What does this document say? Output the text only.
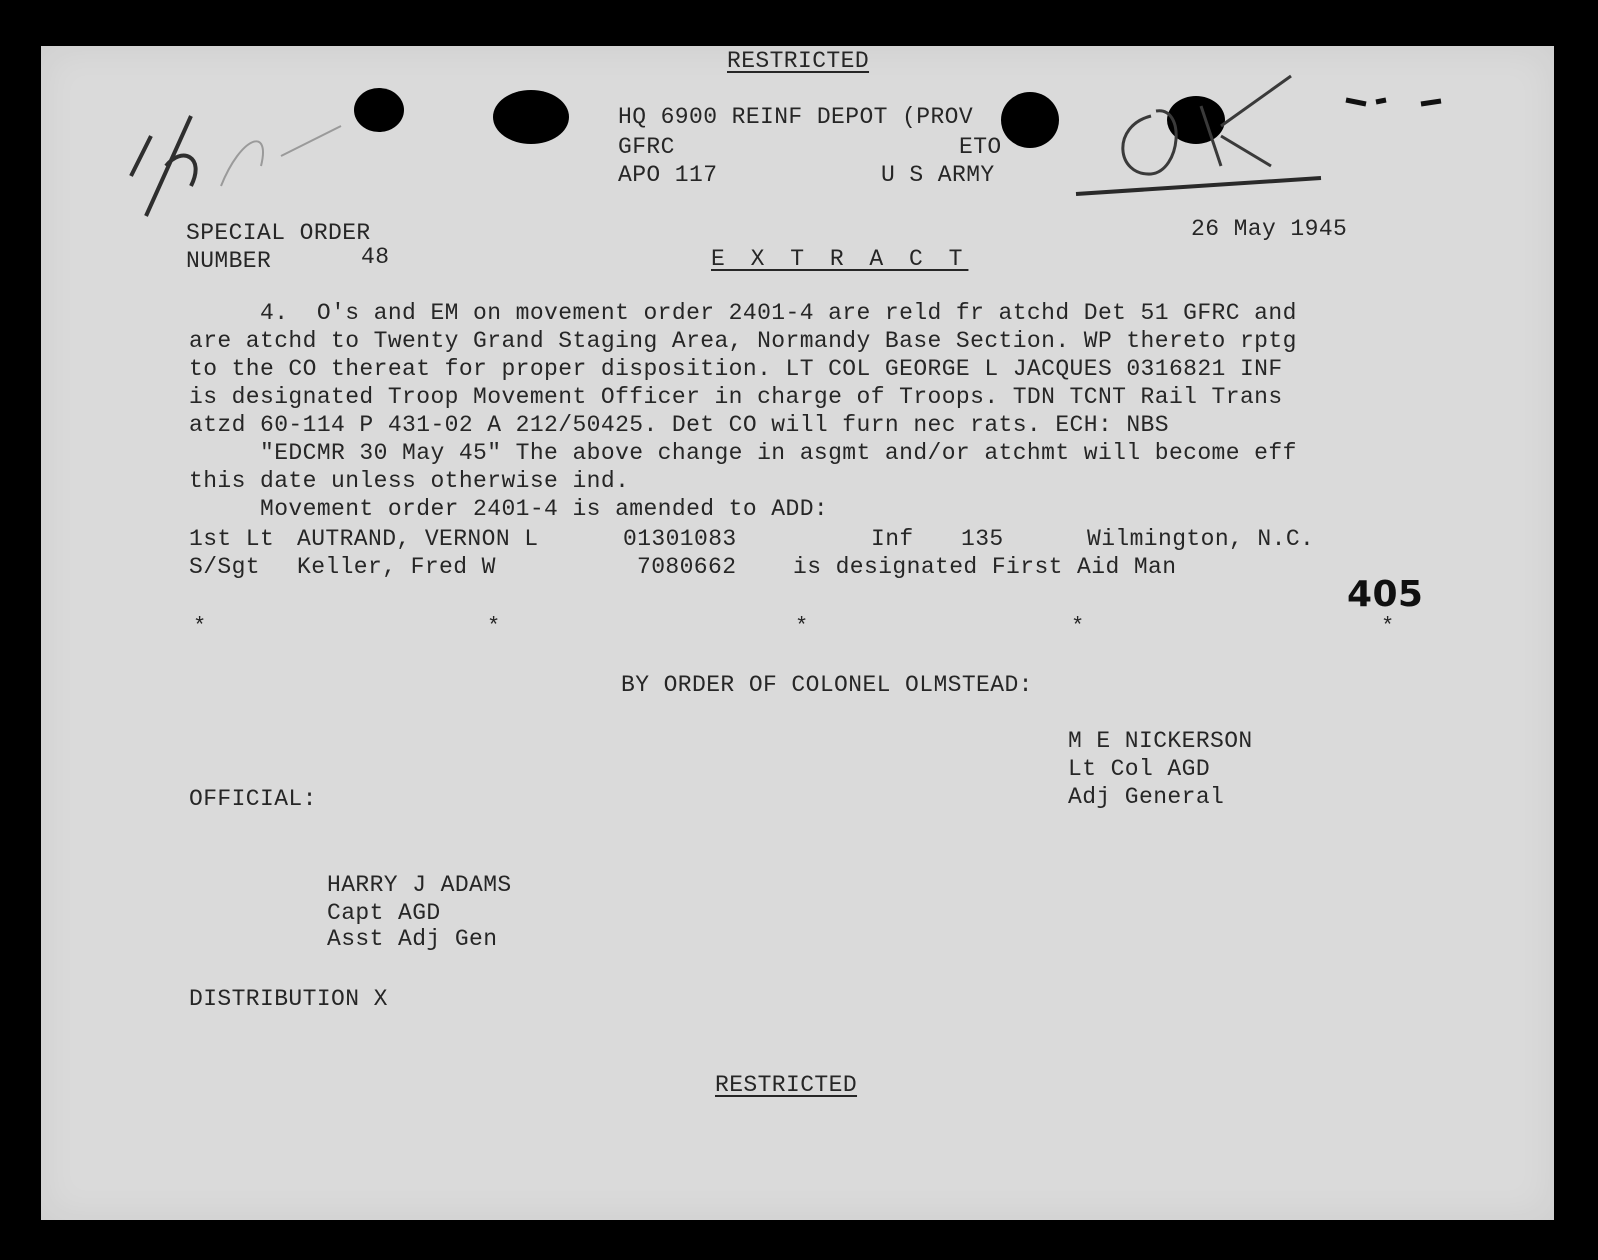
RESTRICTED
HQ 6900 REINF DEPOT (PROV
GFRC	ETO
APO 117	U S ARMY
SPECIAL ORDER
NUMBER	48
26 May 1945
E X T R A C T
4.  O's and EM on movement order 2401-4 are reld fr atchd Det 51 GFRC and
are atchd to Twenty Grand Staging Area, Normandy Base Section. WP thereto rptg
to the CO thereat for proper disposition. LT COL GEORGE L JACQUES 0316821 INF
is designated Troop Movement Officer in charge of Troops. TDN TCNT Rail Trans
atzd 60-114 P 431-02 A 212/50425. Det CO will furn nec rats. ECH: NBS
"EDCMR 30 May 45" The above change in asgmt and/or atchmt will become eff
this date unless otherwise ind.
Movement order 2401-4 is amended to ADD:
1st Lt AUTRAND, VERNON L	01301083	Inf 135	Wilmington, N.C.
S/Sgt Keller, Fred W	7080662 is designated First Aid Man
405
*	*	*	*	*
BY ORDER OF COLONEL OLMSTEAD:
M E NICKERSON
Lt Col AGD
Adj General
OFFICIAL:
HARRY J ADAMS
Capt AGD
Asst Adj Gen
DISTRIBUTION X
RESTRICTED
